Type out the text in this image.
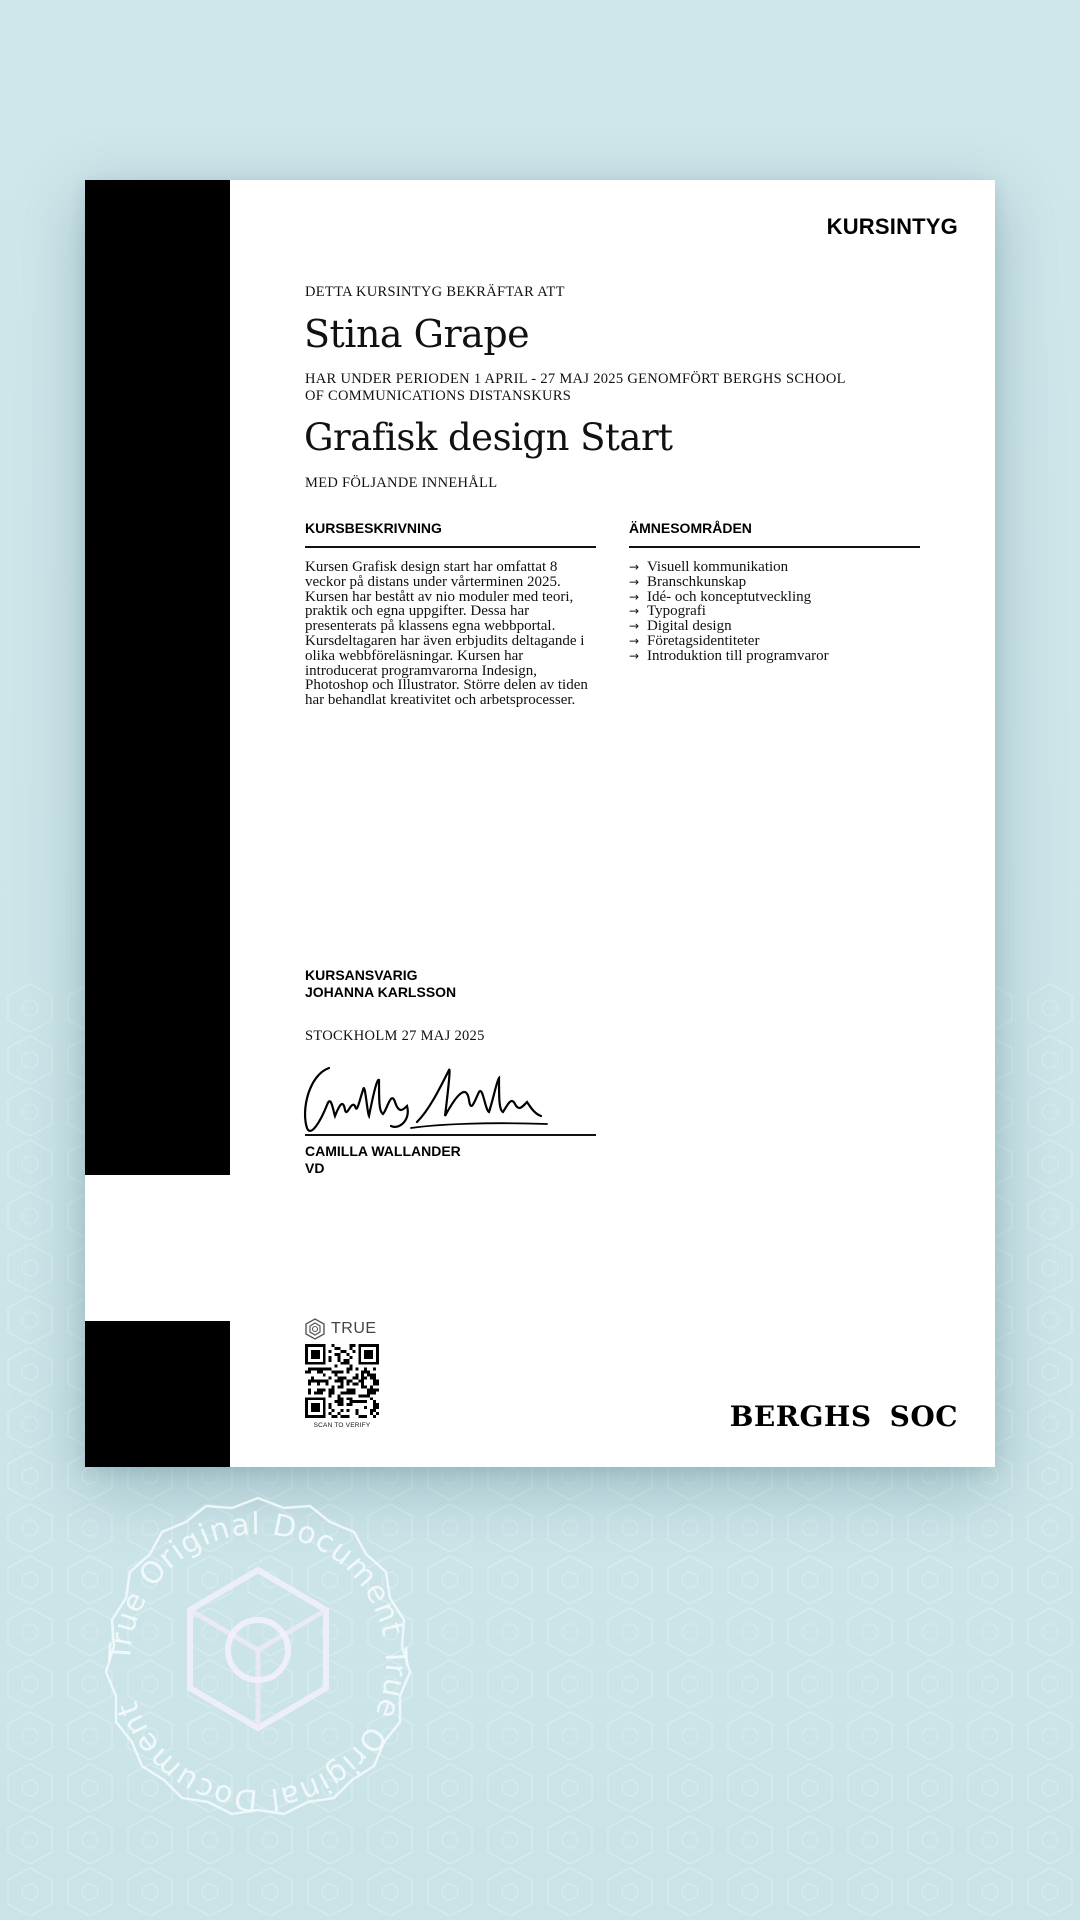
KURSINTYG
DETTA KURSINTYG BEKRÄFTAR ATT
Stina Grape
HAR UNDER PERIODEN 1 APRIL - 27 MAJ 2025 GENOMFÖRT BERGHS SCHOOL OF COMMUNICATIONS DISTANSKURS
Grafisk design Start
MED FÖLJANDE INNEHÅLL
KURSBESKRIVNING	ÄMNESOMRÅDEN
Kursen Grafisk design start har omfattat 8 veckor på distans under vårterminen 2025. Kursen har bestått av nio moduler med teori, praktik och egna uppgifter. Dessa har presenterats på klassens egna webbportal. Kursdeltagaren har även erbjudits deltagande i olika webbföreläsningar. Kursen har introducerat programvarorna Indesign, Photoshop och Illustrator. Större delen av tiden har behandlat kreativitet och arbetsprocesser.
→ Visuell kommunikation
→ Branschkunskap
→ Idé- och konceptutveckling
→ Typografi
→ Digital design
→ Företagsidentiteter
→ Introduktion till programvaror
KURSANSVARIG
JOHANNA KARLSSON
STOCKHOLM 27 MAJ 2025
CAMILLA WALLANDER
VD
TRUE
SCAN TO VERIFY	BERGHS SOC
True Original Document True Original Document
